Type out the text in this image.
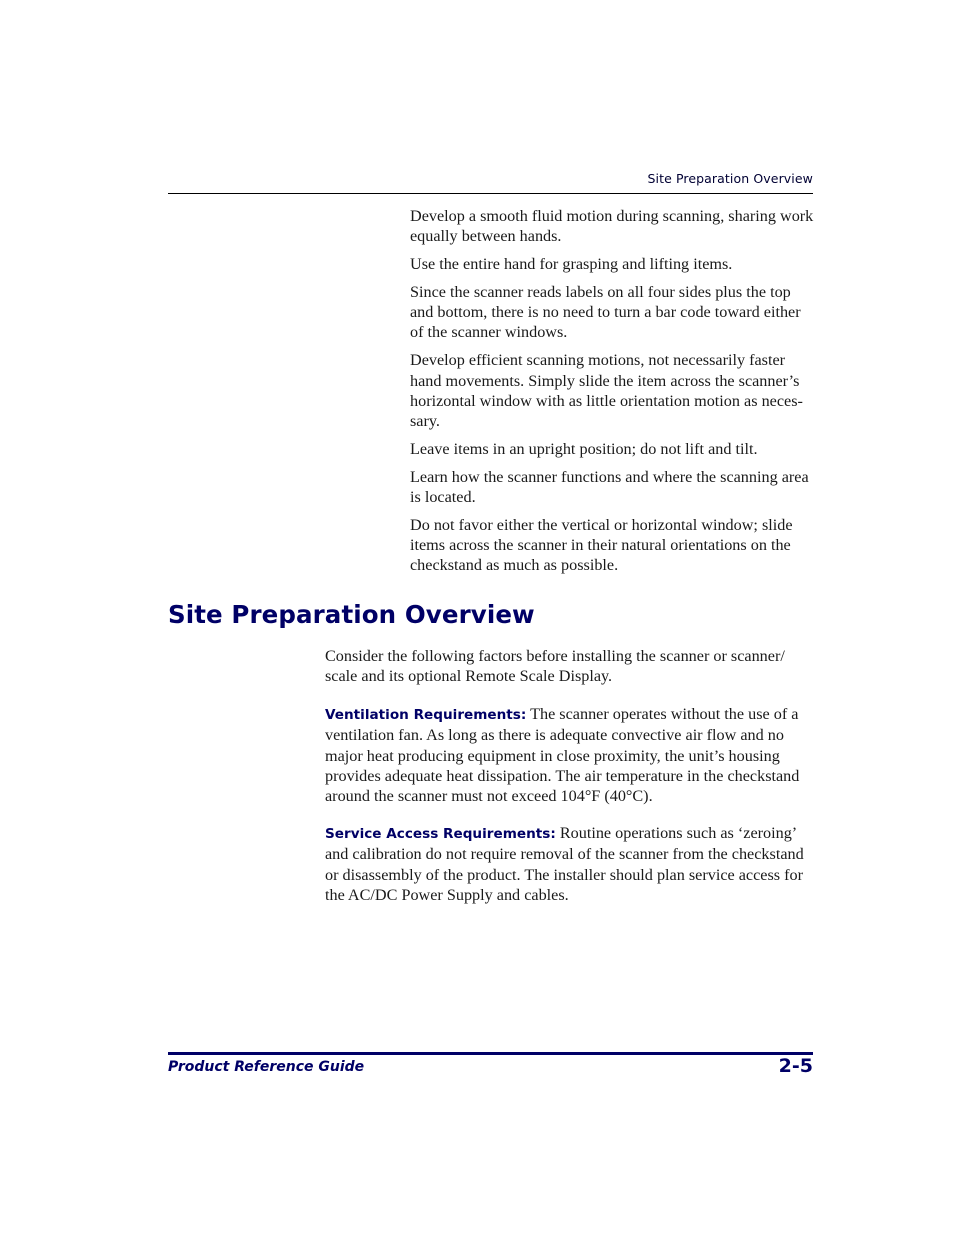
Site Preparation Overview
Develop a smooth fluid motion during scanning, sharing work equally between hands.
Use the entire hand for grasping and lifting items.
Since the scanner reads labels on all four sides plus the top and bottom, there is no need to turn a bar code toward either of the scanner windows.
Develop efficient scanning motions, not necessarily faster hand movements. Simply slide the item across the scanner’s horizontal window with as little orientation motion as neces-sary.
Leave items in an upright position; do not lift and tilt.
Learn how the scanner functions and where the scanning area is located.
Do not favor either the vertical or horizontal window; slide items across the scanner in their natural orientations on the checkstand as much as possible.
Site Preparation Overview

Consider the following factors before installing the scanner or scanner/ scale and its optional Remote Scale Display.

Ventilation Requirements: The scanner operates without the use of a ventilation fan. As long as there is adequate convective air flow and no major heat producing equipment in close proximity, the unit’s housing provides adequate heat dissipation. The air temperature in the checkstand around the scanner must not exceed 104°F (40°C).

Service Access Requirements: Routine operations such as ‘zeroing’ and calibration do not require removal of the scanner from the checkstand or disassembly of the product. The installer should plan service access for the AC/DC Power Supply and cables.

Product Reference Guide	2-5
